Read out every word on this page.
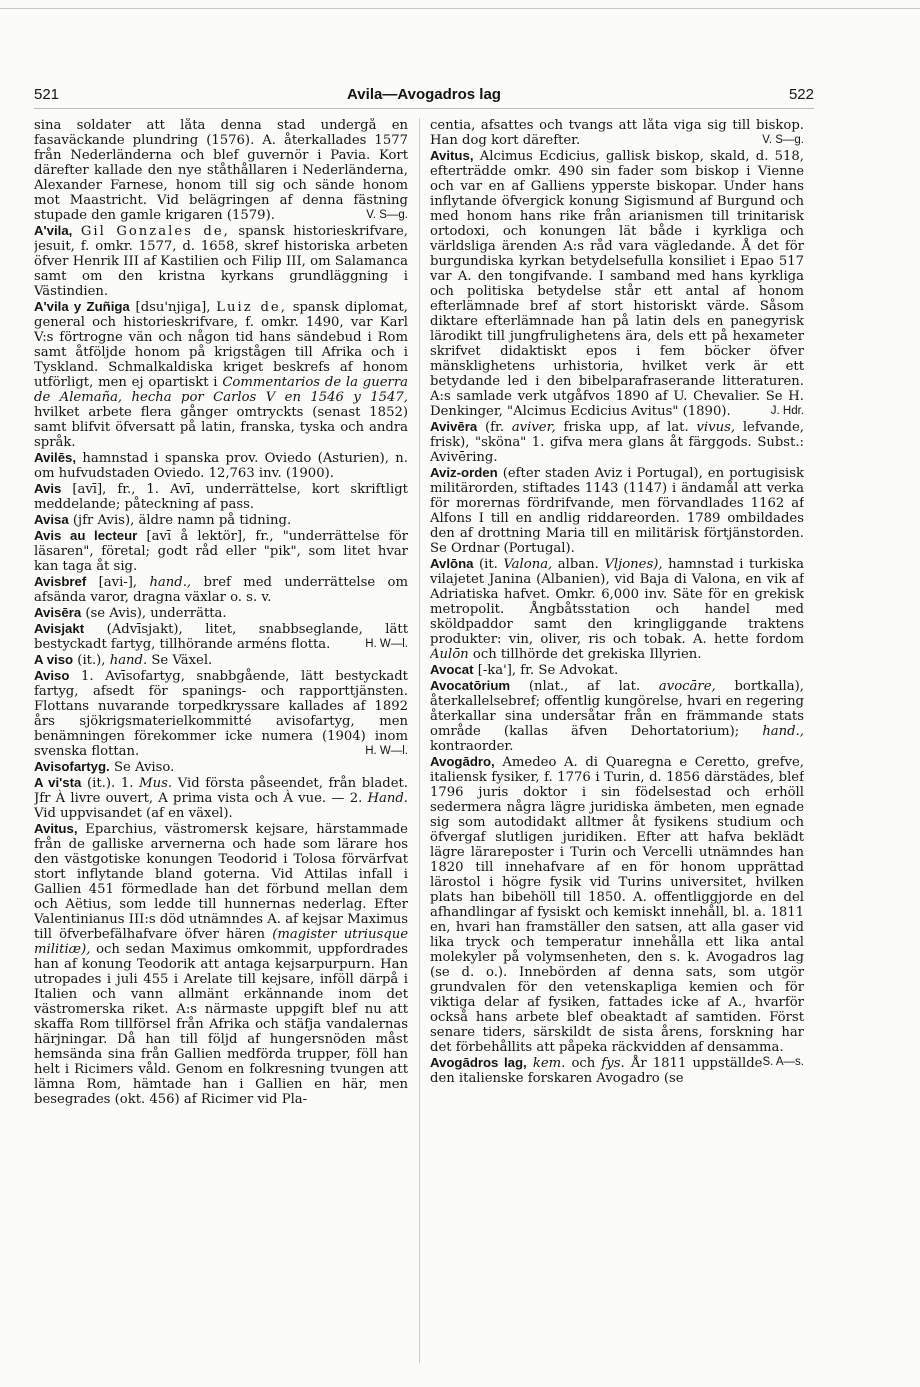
521	Avila—Avogadros lag	522

sina soldater att låta denna stad undergå en fasaväckande plundring (1576). A. återkallades 1577 från Nederländerna och blef guvernör i Pavia. Kort därefter kallade den nye ståthållaren i Nederländerna, Alexander Farnese, honom till sig och sände honom mot Maastricht. Vid belägringen af denna fästning stupade den gamle krigaren (1579).	V. S—g.

A'vila, Gil Gonzales de, spansk historieskrifvare, jesuit, f. omkr. 1577, d. 1658, skref historiska arbeten öfver Henrik III af Kastilien och Filip III, om Salamanca samt om den kristna kyrkans grundläggning i Västindien.

A'vila y Zuñiga [dsu'njiga], Luiz de, spansk diplomat, general och historieskrifvare, f. omkr. 1490, var Karl V:s förtrogne vän och någon tid hans sändebud i Rom samt åtföljde honom på krigstågen till Afrika och i Tyskland. Schmalkaldiska kriget beskrefs af honom utförligt, men ej opartiskt i Commentarios de la guerra de Alemaña, hecha por Carlos V en 1546 y 1547, hvilket arbete flera gånger omtryckts (senast 1852) samt blifvit öfversatt på latin, franska, tyska och andra språk.

Avilēs, hamnstad i spanska prov. Oviedo (Asturien), n. om hufvudstaden Oviedo. 12,763 inv. (1900).

Avis [avī], fr., 1. Avī, underrättelse, kort skriftligt meddelande; påteckning af pass.

Avisa (jfr Avis), äldre namn på tidning.

Avis au lecteur [avī å lektör], fr., "underrättelse för läsaren", företal; godt råd eller "pik", som litet hvar kan taga åt sig.

Avisbref [avi-], hand., bref med underrättelse om afsända varor, dragna växlar o. s. v.

Avisēra (se Avis), underrätta.

Avisjakt (Advīsjakt), litet, snabbseglande, lätt bestyckadt fartyg, tillhörande arméns flotta.	H. W—l.

A viso (it.), hand. Se Växel.

Aviso 1. Avīsofartyg, snabbgående, lätt bestyckadt fartyg, afsedt för spanings- och rapporttjänsten. Flottans nuvarande torpedkryssare kallades af 1892 års sjökrigsmaterielkommitté avisofartyg, men benämningen förekommer icke numera (1904) inom svenska flottan.	H. W—l.

Avisofartyg. Se Aviso.

A vi'sta (it.). 1. Mus. Vid första påseendet, från bladet. Jfr À livre ouvert, A prima vista och À vue. — 2. Hand. Vid uppvisandet (af en växel).

Avitus, Eparchius, västromersk kejsare, härstammade från de galliske arvernerna och hade som lärare hos den västgotiske konungen Teodorid i Tolosa förvärfvat stort inflytande bland goterna. Vid Attilas infall i Gallien 451 förmedlade han det förbund mellan dem och Aëtius, som ledde till hunnernas nederlag. Efter Valentinianus III:s död utnämndes A. af kejsar Maximus till öfverbefälhafvare öfver hären (magister utriusque militiæ), och sedan Maximus omkommit, uppfordrades han af konung Teodorik att antaga kejsarpurpurn. Han utropades i juli 455 i Arelate till kejsare, inföll därpå i Italien och vann allmänt erkännande inom det västromerska riket. A:s närmaste uppgift blef nu att skaffa Rom tillförsel från Afrika och stäfja vandalernas härjningar. Då han till följd af hungersnöden måst hemsända sina från Gallien medförda trupper, föll han helt i Ricimers våld. Genom en folkresning tvungen att lämna Rom, hämtade han i Gallien en här, men besegrades (okt. 456) af Ricimer vid Pla-

centia, afsattes och tvangs att låta viga sig till biskop. Han dog kort därefter.	V. S—g.

Avitus, Alcimus Ecdicius, gallisk biskop, skald, d. 518, efterträdde omkr. 490 sin fader som biskop i Vienne och var en af Galliens ypperste biskopar. Under hans inflytande öfvergick konung Sigismund af Burgund och med honom hans rike från arianismen till trinitarisk ortodoxi, och konungen lät både i kyrkliga och världsliga ärenden A:s råd vara vägledande. Å det för burgundiska kyrkan betydelsefulla konsiliet i Epao 517 var A. den tongifvande. I samband med hans kyrkliga och politiska betydelse står ett antal af honom efterlämnade bref af stort historiskt värde. Såsom diktare efterlämnade han på latin dels en panegyrisk lärodikt till jungfrulighetens ära, dels ett på hexameter skrifvet didaktiskt epos i fem böcker öfver mänsklighetens urhistoria, hvilket verk är ett betydande led i den bibelparafraserande litteraturen. A:s samlade verk utgåfvos 1890 af U. Chevalier. Se H. Denkinger, "Alcimus Ecdicius Avitus" (1890).	J. Hdr.

Avivēra (fr. aviver, friska upp, af lat. vivus, lefvande, frisk), "sköna" 1. gifva mera glans åt färggods. Subst.: Avivēring.

Aviz-orden (efter staden Aviz i Portugal), en portugisisk militärorden, stiftades 1143 (1147) i ändamål att verka för morernas fördrifvande, men förvandlades 1162 af Alfons I till en andlig riddareorden. 1789 ombildades den af drottning Maria till en militärisk förtjänstorden. Se Ordnar (Portugal).

Avlōna (it. Valona, alban. Vljones), hamnstad i turkiska vilajetet Janina (Albanien), vid Baja di Valona, en vik af Adriatiska hafvet. Omkr. 6,000 inv. Säte för en grekisk metropolit. Ångbåtsstation och handel med sköldpaddor samt den kringliggande traktens produkter: vin, oliver, ris och tobak. A. hette fordom Aulōn och tillhörde det grekiska Illyrien.

Avocat [-ka'], fr. Se Advokat.

Avocatōrium (nlat., af lat. avocāre, bortkalla), återkallelsebref; offentlig kungörelse, hvari en regering återkallar sina undersåtar från en främmande stats område (kallas äfven Dehortatorium); hand., kontraorder.

Avogādro, Amedeo A. di Quaregna e Ceretto, grefve, italiensk fysiker, f. 1776 i Turin, d. 1856 därstädes, blef 1796 juris doktor i sin födelsestad och erhöll sedermera några lägre juridiska ämbeten, men egnade sig som autodidakt alltmer åt fysikens studium och öfvergaf slutligen juridiken. Efter att hafva beklädt lägre lärareposter i Turin och Vercelli utnämndes han 1820 till innehafvare af en för honom upprättad lärostol i högre fysik vid Turins universitet, hvilken plats han bibehöll till 1850. A. offentliggjorde en del afhandlingar af fysiskt och kemiskt innehåll, bl. a. 1811 en, hvari han framställer den satsen, att alla gaser vid lika tryck och temperatur innehålla ett lika antal molekyler på volymsenheten, den s. k. Avogadros lag (se d. o.). Innebörden af denna sats, som utgör grundvalen för den vetenskapliga kemien och för viktiga delar af fysiken, fattades icke af A., hvarför också hans arbete blef obeaktadt af samtiden. Först senare tiders, särskildt de sista årens, forskning har det förbehållits att påpeka räckvidden af densamma.
S. A—s.

Avogādros lag, kem. och fys. År 1811 uppställde den italienske forskaren Avogadro (se
